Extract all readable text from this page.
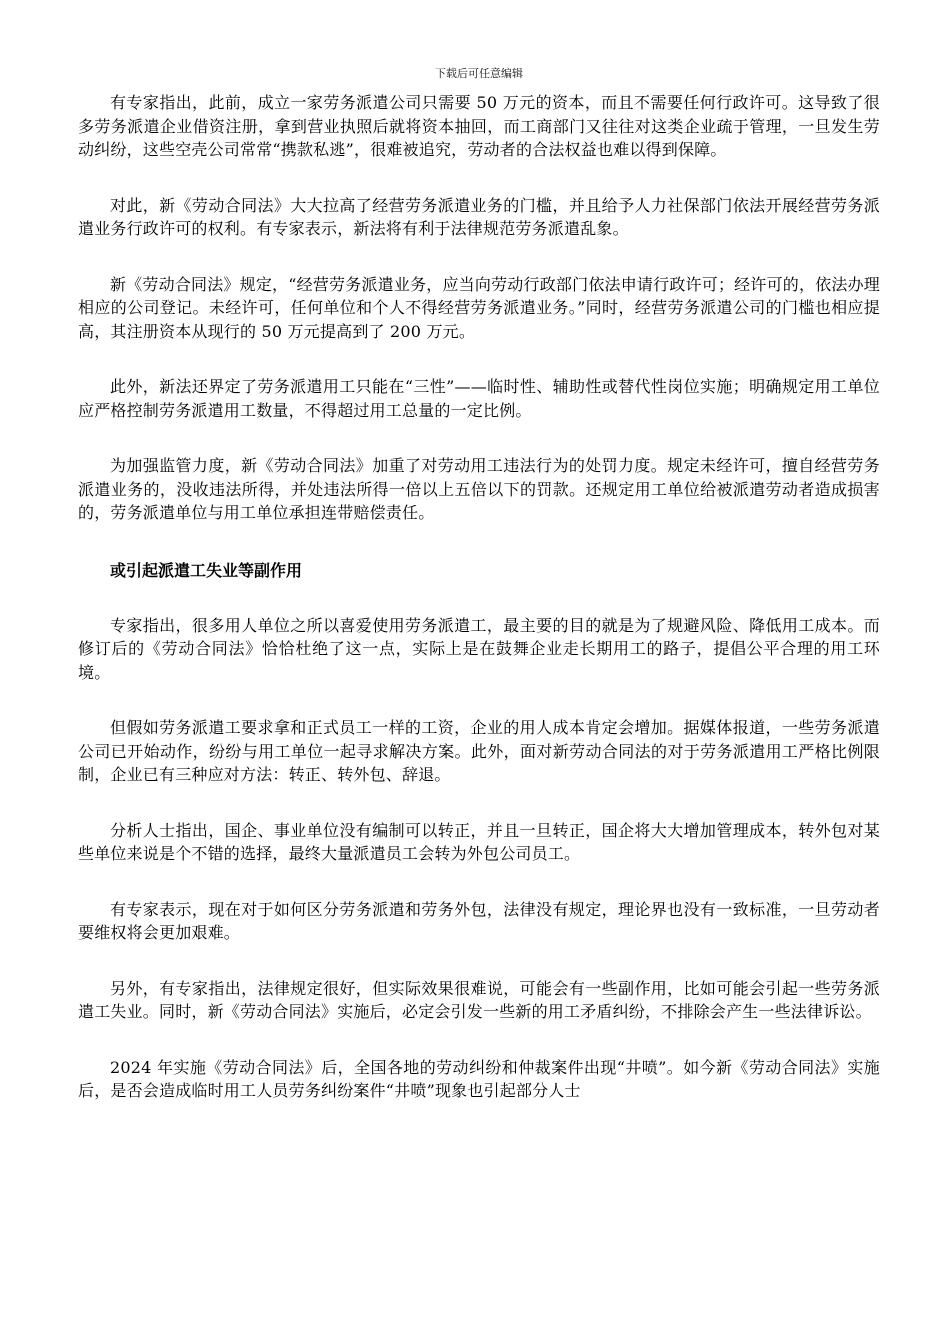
下载后可任意编辑

有专家指出，此前，成立一家劳务派遣公司只需要 50 万元的资本，而且不需要任何行政许可。这导致了很多劳务派遣企业借资注册，拿到营业执照后就将资本抽回，而工商部门又往往对这类企业疏于管理，一旦发生劳动纠纷，这些空壳公司常常“携款私逃”，很难被追究，劳动者的合法权益也难以得到保障。

对此，新《劳动合同法》大大拉高了经营劳务派遣业务的门槛，并且给予人力社保部门依法开展经营劳务派遣业务行政许可的权利。有专家表示，新法将有利于法律规范劳务派遣乱象。

新《劳动合同法》规定，“经营劳务派遣业务，应当向劳动行政部门依法申请行政许可；经许可的，依法办理相应的公司登记。未经许可，任何单位和个人不得经营劳务派遣业务。”同时，经营劳务派遣公司的门槛也相应提高，其注册资本从现行的 50 万元提高到了 200 万元。

此外，新法还界定了劳务派遣用工只能在“三性”——临时性、辅助性或替代性岗位实施；明确规定用工单位应严格控制劳务派遣用工数量，不得超过用工总量的一定比例。

为加强监管力度，新《劳动合同法》加重了对劳动用工违法行为的处罚力度。规定未经许可，擅自经营劳务派遣业务的，没收违法所得，并处违法所得一倍以上五倍以下的罚款。还规定用工单位给被派遣劳动者造成损害的，劳务派遣单位与用工单位承担连带赔偿责任。

或引起派遣工失业等副作用

专家指出，很多用人单位之所以喜爱使用劳务派遣工，最主要的目的就是为了规避风险、降低用工成本。而修订后的《劳动合同法》恰恰杜绝了这一点，实际上是在鼓舞企业走长期用工的路子，提倡公平合理的用工环境。

但假如劳务派遣工要求拿和正式员工一样的工资，企业的用人成本肯定会增加。据媒体报道，一些劳务派遣公司已开始动作，纷纷与用工单位一起寻求解决方案。此外，面对新劳动合同法的对于劳务派遣用工严格比例限制，企业已有三种应对方法：转正、转外包、辞退。

分析人士指出，国企、事业单位没有编制可以转正，并且一旦转正，国企将大大增加管理成本，转外包对某些单位来说是个不错的选择，最终大量派遣员工会转为外包公司员工。

有专家表示，现在对于如何区分劳务派遣和劳务外包，法律没有规定，理论界也没有一致标准，一旦劳动者要维权将会更加艰难。

另外，有专家指出，法律规定很好，但实际效果很难说，可能会有一些副作用，比如可能会引起一些劳务派遣工失业。同时，新《劳动合同法》实施后，必定会引发一些新的用工矛盾纠纷，不排除会产生一些法律诉讼。

2024 年实施《劳动合同法》后，全国各地的劳动纠纷和仲裁案件出现“井喷”。如今新《劳动合同法》实施后，是否会造成临时用工人员劳务纠纷案件“井喷”现象也引起部分人士
